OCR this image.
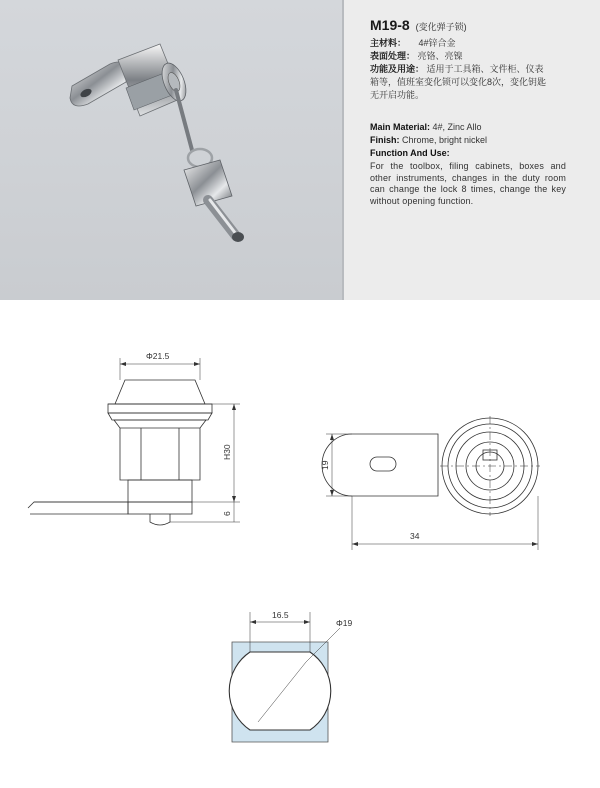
M19-8 (变化弹子锁)
主材料： 4#锌合金
表面处理： 亮铬、亮镍
功能及用途： 适用于工具箱、文件柜、仪表
箱等，值班室变化锁可以变化8次，变化钥匙
无开启功能。
Main Material: 4#, Zinc Allo
Finish: Chrome, bright nickel
Function And Use:
For the toolbox, filing cabinets, boxes and other instruments, changes in the duty room can change the lock 8 times, change the key without opening function.
Φ21.5
H30
6
19
34
16.5
Φ19
